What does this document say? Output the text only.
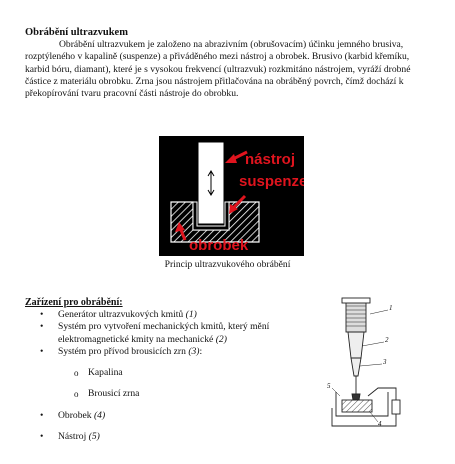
Obrábění ultrazvukem
Obrábění ultrazvukem je založeno na abrazivním (obrušovacím) účinku jemného brusiva, rozptýleného v kapalině (suspenze) a přiváděného mezi nástroj a obrobek. Brusivo (karbid křemíku, karbid bóru, diamant), které je s vysokou frekvencí (ultrazvuk) rozkmitáno nástrojem, vyráží drobné částice z materiálu obrobku. Zrna jsou nástrojem přitlačována na obráběný povrch, čímž dochází k překopírování tvaru pracovní části nástroje do obrobku.
nástroj
suspenze
obrobek
Princip ultrazvukového obrábění
Zařízení pro obrábění:
• Generátor ultrazvukových kmitů (1)
• Systém pro vytvoření mechanických kmitů, který mění elektromagnetické kmity na mechanické (2)
• Systém pro přívod brousicích zrn (3):
o Kapalina
o Brousicí zrna
• Obrobek (4)
• Nástroj (5)
1
2
3
4
5
